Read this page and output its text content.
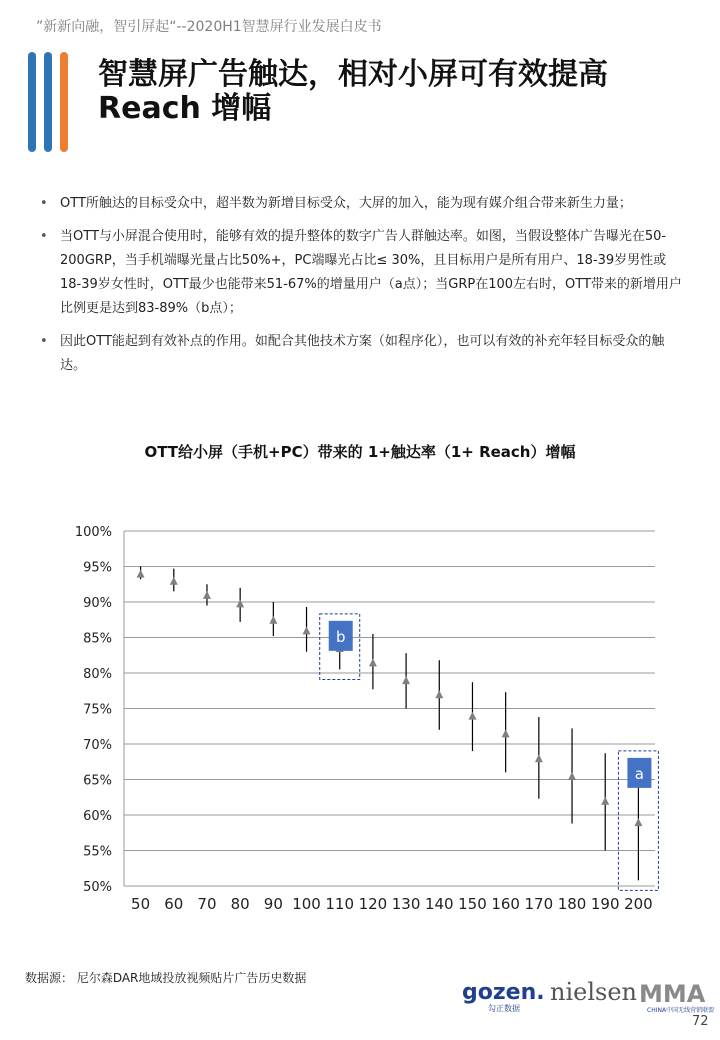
”新新向融，智引屏起“--2020H1智慧屏行业发展白皮书
智慧屏广告触达，相对小屏可有效提高
Reach 增幅
• OTT所触达的目标受众中，超半数为新增目标受众，大屏的加入，能为现有媒介组合带来新生力量；
• 当OTT与小屏混合使用时，能够有效的提升整体的数字广告人群触达率。如图，当假设整体广告曝光在50-200GRP，当手机端曝光量占比50%+，PC端曝光占比≤ 30%，且目标用户是所有用户、18-39岁男性或18-39岁女性时，OTT最少也能带来51-67%的增量用户（a点）；当GRP在100左右时，OTT带来的新增用户比例更是达到83-89%（b点）；
• 因此OTT能起到有效补点的作用。如配合其他技术方案（如程序化），也可以有效的补充年轻目标受众的触达。
OTT给小屏（手机+PC）带来的 1+触达率（1+ Reach）增幅
100%
95%
90%
85%
80%
75%
70%
65%
60%
55%
50%
50 60 70 80 90 100 110 120 130 140 150 160 170 180 190 200
b
a
数据源： 尼尔森DAR地域投放视频贴片广告历史数据
gozen.
勾正数据
nielsen MMA
CHINA中国无线营销联盟
72
